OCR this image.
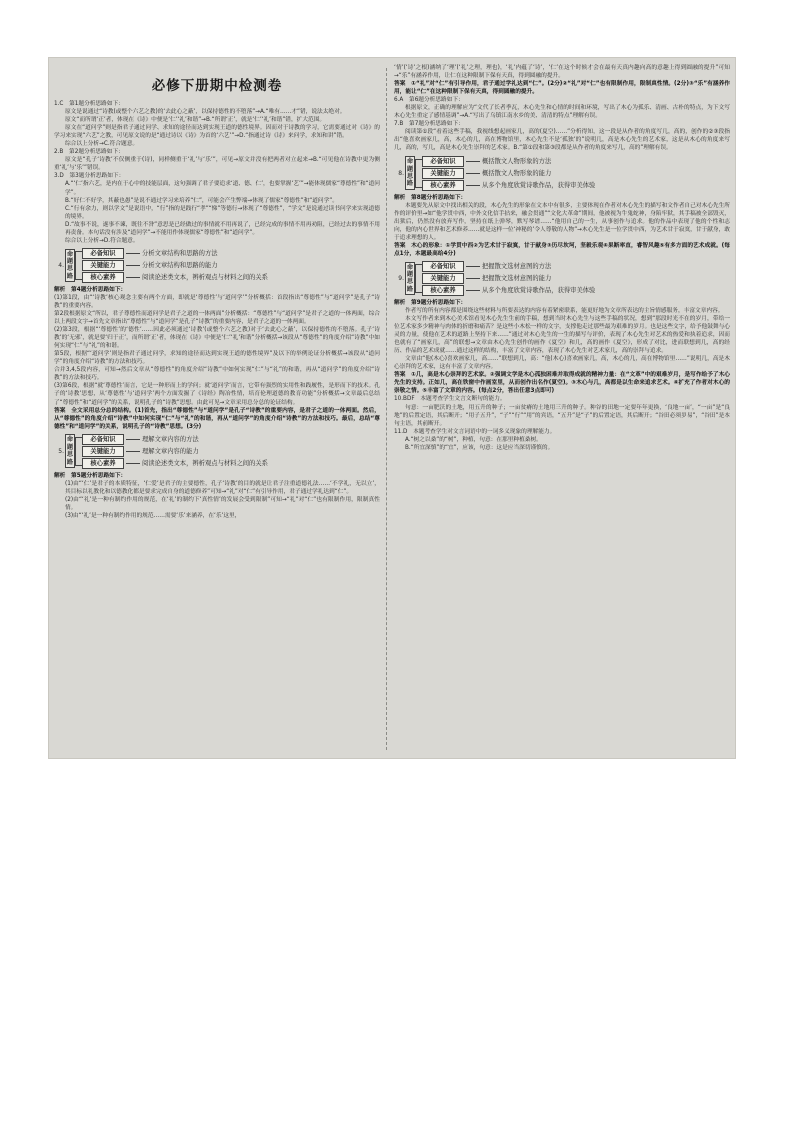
必修下册期中检测卷

1.C　第1题分析思路如下：

原文是说通过“诗教(或整个六艺之教)的‘去此心之蔽’，以保持德性的不堕落”→A.“唯有……才”错，说法太绝对。

原文“而所谓‘正’者，体现在《诗》中便是‘仁’‘礼’和谐”→B.“所谓‘正’，就是‘仁’‘礼’和谐”错，扩大范围。

原文在“道问学”则是指君子通过问学、求知的途径而达到实现王道的德性境界。因而对于诗教的学习，它需要通过对《诗》的学习来实现“六艺”之教，可见原文说的是“通过诗以《诗》为首的‘六艺’”→D.“指通过诗《诗》来问学，求知和讲”错。

综合以上分析→C.符合题意。

2.B　第2题分析思路如下：

原文是“孔子‘诗教’不仅侧重于(诗)，同样侧重于‘礼’与‘乐’”，可见→原文并没有把两者对立起来→B.“可见他在诗教中更为侧重‘礼’与‘乐’”错误。

3.D　第3题分析思路如下：

A.“‘仁’指六艺，是内在于心中的技能层面，这句强调了君子要追求‘道、德、仁’，也要掌握‘艺’”→能体现儒家“尊德性”和“道问学”。

B.“好仁不好学，其蔽也愚”是说不通过学习来培养“仁”，可能会产生弊端→体现了儒家“尊德性”和“道问学”。

C.“行有余力，则以学文”是说语中，“行”指的是践行“孝”“悌”等德行→体现了“尊德性”，“学文”是说通过读书问学来实现道德的境界。

D.“故事不说，遂事不谏，既往不咎”意思是已经做过的事情就不用再说了，已经完成的事情不用再劝阻，已经过去的事情不用再责备。本句话没有涉及“道问学”→不能用作体现儒家“尊德性”和“道问学”。

综合以上分析→D.符合题意。

4.
命
题
思
路
必备知识	分析文章结构和思路的方法
关键能力	分析文章结构和思路的能力
核心素养	阅读论述类文本，辨析观点与材料之间的关系

解析　第4题分析思路如下：

(1)第1段，由“‘诗教’核心观念主要有两个方面，即就是‘尊德性’与‘道问学’”分析概括：首段指出“尊德性”与“道问学”是孔子“诗教”的重要内容。

第2段根据原文“所以，君子尊德性而道问学是君子之道的一体两面”分析概括：“尊德性”与“道问学”是君子之道的一体两面，综合以上两段文字→首先文章指出“尊德性”与“道问学”是孔子“诗教”的重要内容，是君子之道的一体两面。

(2)第3段，根据“‘尊德性’的‘德性’……因此必须通过‘诗教’(或整个六艺之教)对于‘去此心之蔽’，以保持德性的不堕落。孔子‘诗教’的‘无邪’，就是要‘归于正’，而所谓‘正’者，体现在《诗》中便是‘仁’‘礼’和谐”分析概括→该段从“尊德性”的角度介绍“诗教”中如何实现“仁”与“礼”的和谐。

第5段，根据“‘道问学’则是指君子通过问学，求知的途径而达到实现王道的德性境界”及以下的举例论证分析概括→该段从“道问学”的角度介绍“诗教”的方法和技巧。

合并3,4,5段内容，可知→然后文章从“尊德性”的角度介绍“诗教”中如何实现“仁”与“礼”的和谐，再从“道问学”的角度介绍“诗教”的方法和技巧。

(3)第6段，根据“就‘尊德性’而言，它是一种形而上的学问；就‘道问学’而言，它带有强烈的实用性和践履性，是形而下的技术。孔子的‘诗教’思想，从‘尊德性’与‘道问学’两个方面发掘了《诗经》陶冶性情，培育伦理道德的教育功能”分析概括→文章最后总结了“尊德性”和“道问学”的关系，说明孔子的“诗教”思想。由此可见→文章采用总分总的论证结构。

答案　全文采用总分总的结构。(1)首先，指出“尊德性”与“道问学”是孔子“诗教”的重要内容，是君子之道的一体两面。然后，从“尊德性”的角度介绍“诗教”中如何实现“仁”与“礼”的和谐，再从“道问学”的角度介绍“诗教”的方法和技巧。最后，总结“尊德性”和“道问学”的关系，说明孔子的“诗教”思想。(3分)

5.
命
题
思
路
必备知识	理解文章内容的方法
关键能力	理解文章内容的能力
核心素养	阅读论述类文本，辨析观点与材料之间的关系

解析　第5题分析思路如下：

(1)由“‘仁’是君子的本质特征，‘仁爱’是君子的主要德性，孔子‘诗教’的目的就是让君子注重道德礼法……‘不学礼，无以立’，其目标以礼教化和以德教化都是要求完成自身的道德修养”可知→“礼”对“仁”有引导作用，君子通过学礼达到“仁”。

(2)由“‘礼’是一种有制约作用的规范，在‘礼’的制约下‘真性情’的发展会受到限制”可知→“礼”对“仁”也有限制作用，限制真性情。

(3)由“‘礼’是一种有制约作用的规范……需要‘乐’来涵养，在‘乐’这里，

‘情’(‘诗’之根)涵纳了‘理’(‘礼’之理，理也)，‘礼’内蕴了‘诗’，‘仁’在这个时候才会在最有天真内趣向高的意趣上得到圆融的提升”可知→“乐”有涵养作用，让仁在这种限制下保有天真，得到圆融的提升。

答案　①“礼”对“仁”有引导作用，君子通过学礼达到“仁”。(2分)②“礼”对“仁”也有限制作用，限制真性情。(2分)③“乐”有涵养作用，能让“仁”在这种限制下保有天真，得到圆融的提升。

6.A　第6题分析思路如下：

根据原文，正确的理解应为“文代了长者季瓦，木心先生和心情的时间和环境，写出了木心为孤乐、清画、古朴的特点，为下文写木心先生重定了感情基调”→A.“写出了乌镇江南水乡的美、清清的特点”理解有误。

7.B　第7题分析思路如下：

阅读第①段“看着这些手稿，我视线想起画家几，高的(夏空)……”分析得知，这一段是从作者的角度写几，高的，创作的②③段指出“他喜欢画家几，高，木心的几，高在博物馆里，木心先生不是‘孤独’的”说明几，高是木心先生的艺术家，这是从木心的角度来写几，高的，写几，高是木心先生崇拜的艺术家。B.“第①段和第③段都是从作者的角度来写几，高的”理解有误。

8.
命
题
思
路
必备知识	概括散文人物形象的方法
关键能力	概括散文人物形象的能力
核心素养	从多个角度欣赏诗歌作品，获得审美体验

解析　第8题分析思路如下：

本题要先从原文中找出相关的段，木心先生的形象在文本中有很多，主要体现在作者对木心先生的描写和文作者自己对木心先生所作的评价里→如“他学贯中西，中外文化信手拈来，融会贯通”“文化大革命”期间，他被视为牛鬼蛇神，身陷牢狱，其手稿被全部毁灭，出狱后，仍然没有放弃写作，坚持在纸上弹琴，默写琴谱……“他用自己的一生，从事创作与追求。他的作品中表现了他的个性和志向，他的内心世界和艺术修养……就是这样一位‘神秘的’令人尊敬的人物”→木心先生是一位学贯中西，为艺术甘于寂寞，甘于献身，敢于追求理想的人。

答案　木心的形象：①学贯中西②为艺术甘于寂寞，甘于献身③历尽坎坷，坚毅乐观④果断率直，睿智风趣⑤有多方面的艺术成就。(每点1分，本题最高给4分)

9.
命
题
思
路
必备知识	把握散文选材意图的方法
关键能力	把握散文选材意图的能力
核心素养	从多个角度欣赏诗歌作品，获得审美体验

解析　第9题分析思路如下：

作者写的所有内容都是围绕这些材料与所要表达的内容有着紧密联系，能更好地为文章所表达的主旨情感服务，丰富文章内容。

本文写作者来到木心美术馆看见木心先生生前的手稿，想到当时木心先生与这些手稿的状况，想到“那段时光不在的岁月，带给一位艺术家多少精神与肉体的折磨和痛苦？是这些小木松一样的文字，支撑他走过那些最为艰难的岁月。也是这些文字，给予他鼓舞与心灵的力量，使他在艺术的道路上坚持下来……”通过对木心先生的一生的描写与评价，表现了木心先生对艺术的热爱和执着追求，因而也就有了“画家几，高”的联想→文章由木心先生创作的画作《夏空》和几，高的画作《夏空》，形成了对比，进而联想到几，高的经历、作品的艺术成就……通过这样的结构，丰富了文章内容，表现了木心先生对艺术家几，高的崇拜与追求。

文章由“他(木心)喜欢画家几，高……”联想到几，高：“他(木心)喜欢画家几，高，木心的几，高在博物馆里……”说明几，高是木心崇拜的艺术家，这有丰富了文章内容。

答案　①几，高是木心崇拜的艺术家。②强调文学是木心孤独困难并取得成就的精神力量：在“文革”中的艰难岁月，是写作给予了木心先生的支持。正如几，高在铁窗中作画室里，从而创作出名作(夏空)。③木心与几，高都是以生命来追求艺术。④扩充了作者对木心的崇敬之情。⑤丰富了文章的内容。(每点2分，答出任意3点即可)

10.BDF　本题考查学生文言文断句的能力。

句意：一亩肥沃的土地，用五升的种子；一亩贫瘠的土地用三升的种子。种谷的田地一定要年年更换，‘良地一亩’，“一亩”是“良地”的后置定语，其后断开；“用子五升”，“子”“行”“用”的宾语，“五升”是“子”的后置定语，其后断开；“谷田必须岁易”，“谷田”是本句主语，其前断开。

11.D　本题考查学生对文言词语中的一词多义现象的理解能力。

A.“树之以桑”的“树”，种植，句意：在那里种植桑树。

B.“所宜深慎”的“宜”，应该，句意：这是应当深切谨慎的。
